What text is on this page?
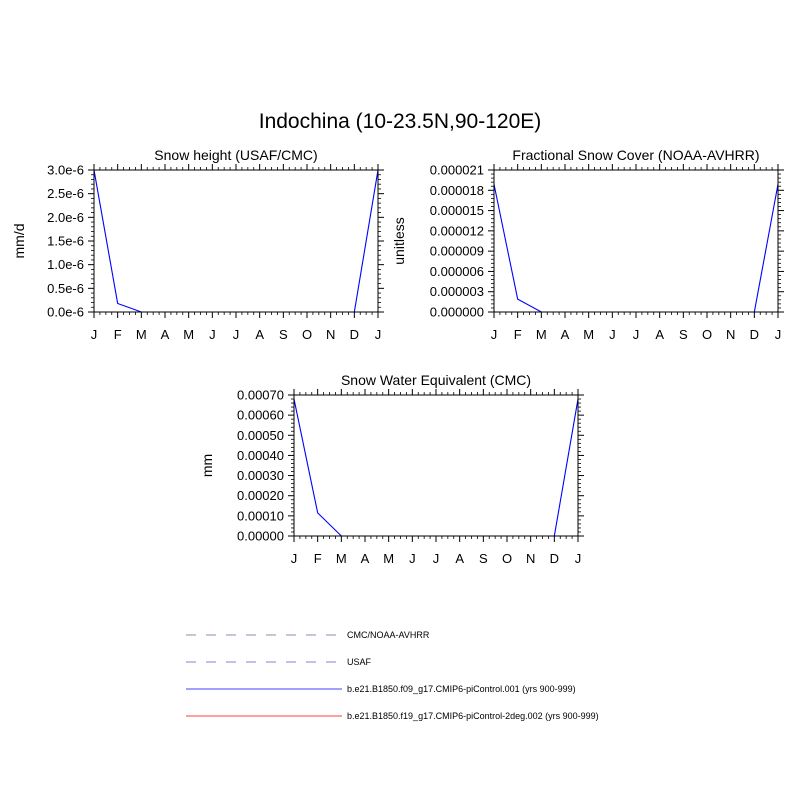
Indochina (10-23.5N,90-120E)
Snow height (USAF/CMC)
mm/d
0.0e-6
0.5e-6
1.0e-6
1.5e-6
2.0e-6
2.5e-6
3.0e-6
J F M A M J J A S O N D J
Fractional Snow Cover (NOAA-AVHRR)
unitless
0.000000
0.000003
0.000006
0.000009
0.000012
0.000015
0.000018
0.000021
J F M A M J J A S O N D J
Snow Water Equivalent (CMC)
mm
0.00000
0.00010
0.00020
0.00030
0.00040
0.00050
0.00060
0.00070
J F M A M J J A S O N D J
CMC/NOAA-AVHRR
USAF
b.e21.B1850.f09_g17.CMIP6-piControl.001 (yrs 900-999)
b.e21.B1850.f19_g17.CMIP6-piControl-2deg.002 (yrs 900-999)
